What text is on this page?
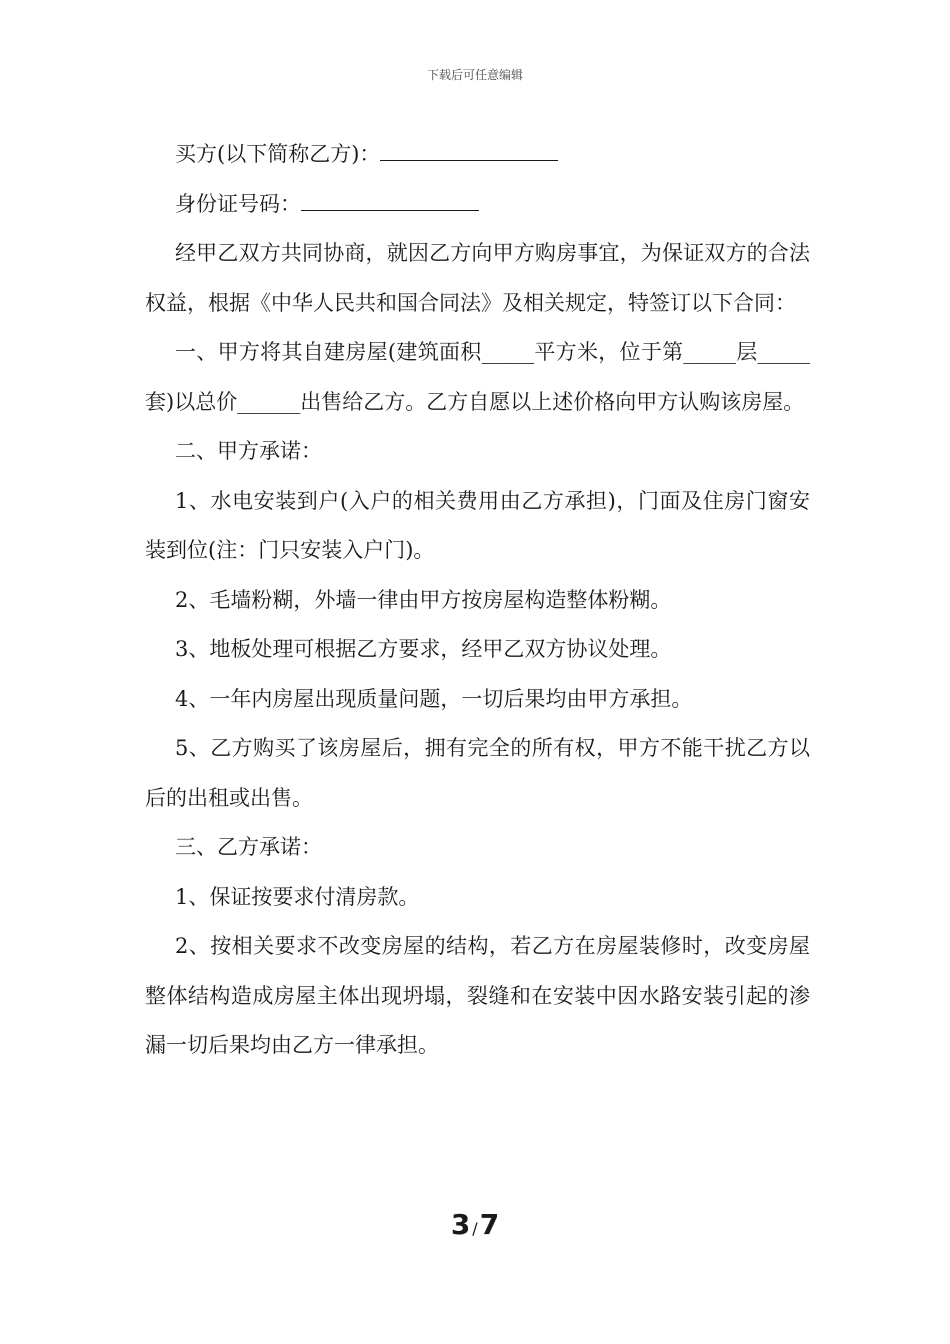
下载后可任意编辑

买方(以下简称乙方)：

身份证号码：

经甲乙双方共同协商，就因乙方向甲方购房事宜，为保证双方的合法权益，根据《中华人民共和国合同法》及相关规定，特签订以下合同：

一、甲方将其自建房屋(建筑面积_____平方米，位于第_____层_____套)以总价______出售给乙方。乙方自愿以上述价格向甲方认购该房屋。

二、甲方承诺：

1、水电安装到户(入户的相关费用由乙方承担)，门面及住房门窗安装到位(注：门只安装入户门)。

2、毛墙粉糊，外墙一律由甲方按房屋构造整体粉糊。

3、地板处理可根据乙方要求，经甲乙双方协议处理。

4、一年内房屋出现质量问题，一切后果均由甲方承担。

5、乙方购买了该房屋后，拥有完全的所有权，甲方不能干扰乙方以后的出租或出售。

三、乙方承诺：

1、保证按要求付清房款。

2、按相关要求不改变房屋的结构，若乙方在房屋装修时，改变房屋整体结构造成房屋主体出现坍塌，裂缝和在安装中因水路安装引起的渗漏一切后果均由乙方一律承担。

3 /7
